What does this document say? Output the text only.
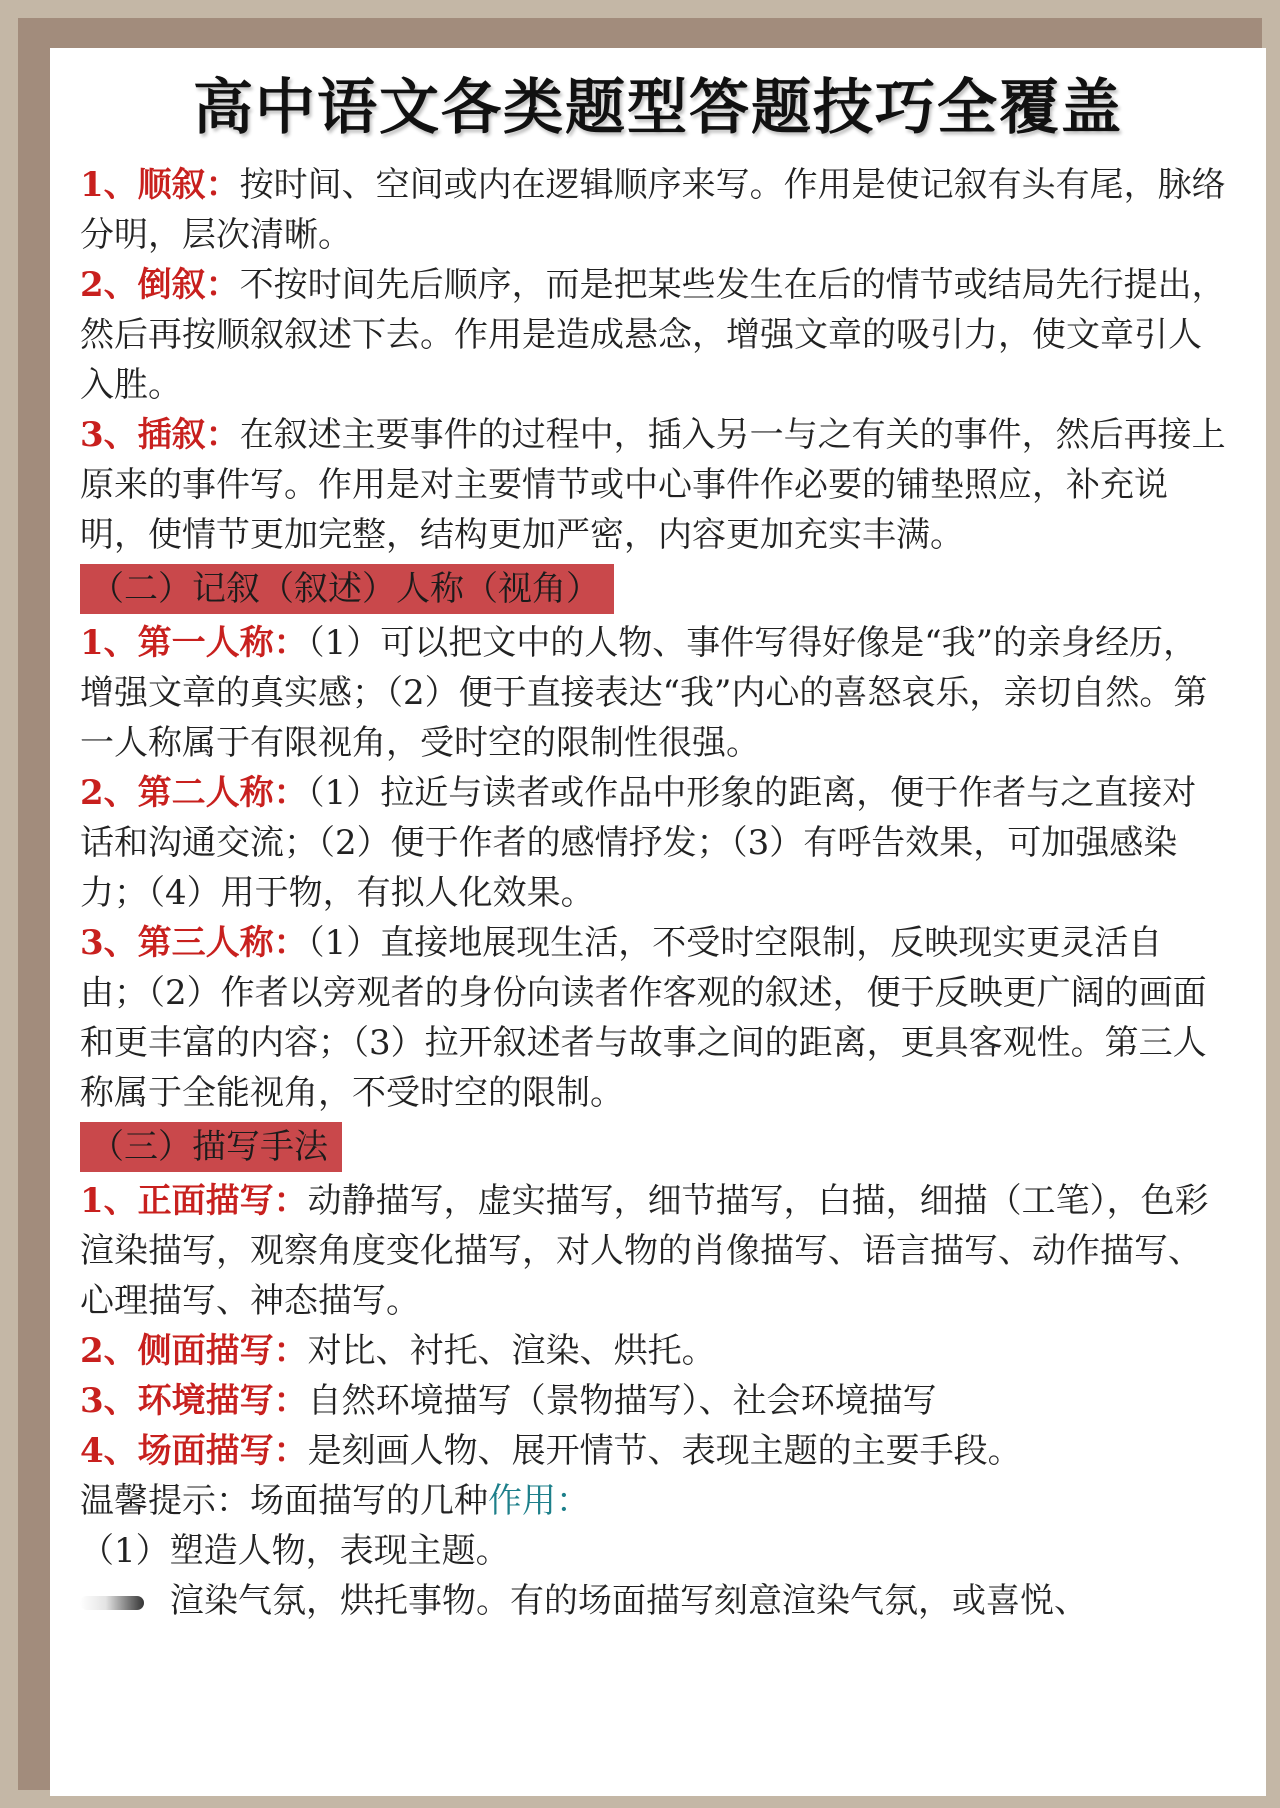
高中语文各类题型答题技巧全覆盖

1、顺叙：按时间、空间或内在逻辑顺序来写。作用是使记叙有头有尾，脉络分明，层次清晰。

2、倒叙：不按时间先后顺序，而是把某些发生在后的情节或结局先行提出，然后再按顺叙叙述下去。作用是造成悬念，增强文章的吸引力，使文章引人入胜。

3、插叙：在叙述主要事件的过程中，插入另一与之有关的事件，然后再接上原来的事件写。作用是对主要情节或中心事件作必要的铺垫照应，补充说明，使情节更加完整，结构更加严密，内容更加充实丰满。

（二）记叙（叙述）人称（视角）

1、第一人称：（1）可以把文中的人物、事件写得好像是“我”的亲身经历，增强文章的真实感；（2）便于直接表达“我”内心的喜怒哀乐，亲切自然。第一人称属于有限视角，受时空的限制性很强。

2、第二人称：（1）拉近与读者或作品中形象的距离，便于作者与之直接对话和沟通交流；（2）便于作者的感情抒发；（3）有呼告效果，可加强感染力；（4）用于物，有拟人化效果。

3、第三人称：（1）直接地展现生活，不受时空限制，反映现实更灵活自由；（2）作者以旁观者的身份向读者作客观的叙述，便于反映更广阔的画面和更丰富的内容；（3）拉开叙述者与故事之间的距离，更具客观性。第三人称属于全能视角，不受时空的限制。

（三）描写手法

1、正面描写：动静描写，虚实描写，细节描写，白描，细描（工笔），色彩渲染描写，观察角度变化描写，对人物的肖像描写、语言描写、动作描写、心理描写、神态描写。

2、侧面描写：对比、衬托、渲染、烘托。

3、环境描写：自然环境描写（景物描写）、社会环境描写

4、场面描写：是刻画人物、展开情节、表现主题的主要手段。

温馨提示：场面描写的几种作用：

（1）塑造人物，表现主题。

渲染气氛，烘托事物。有的场面描写刻意渲染气氛，或喜悦、
